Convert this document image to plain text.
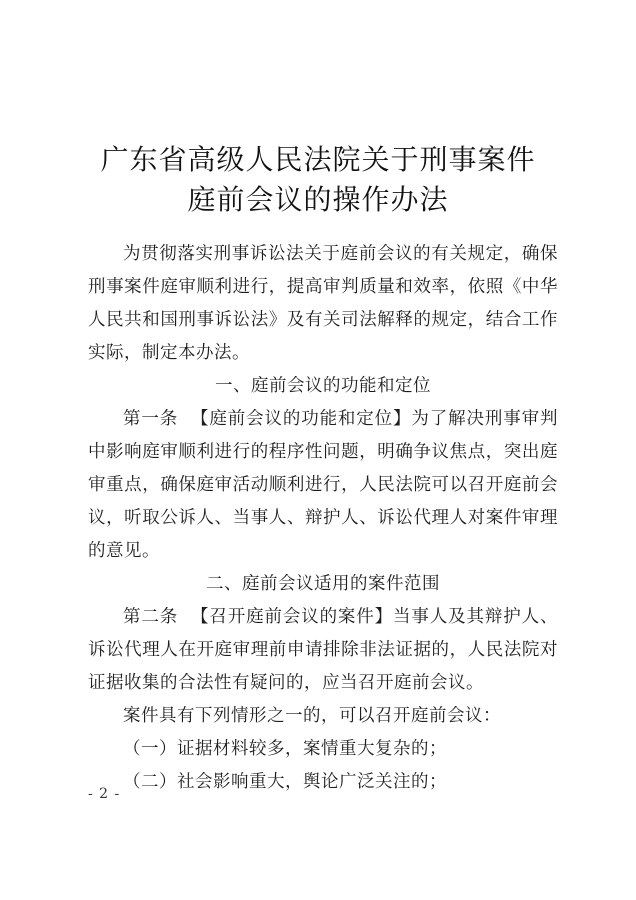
广东省高级人民法院关于刑事案件
庭前会议的操作办法

为贯彻落实刑事诉讼法关于庭前会议的有关规定，确保刑事案件庭审顺利进行，提高审判质量和效率，依照《中华人民共和国刑事诉讼法》及有关司法解释的规定，结合工作实际，制定本办法。

一、庭前会议的功能和定位

第一条 【庭前会议的功能和定位】为了解决刑事审判中影响庭审顺利进行的程序性问题，明确争议焦点，突出庭审重点，确保庭审活动顺利进行，人民法院可以召开庭前会议，听取公诉人、当事人、辩护人、诉讼代理人对案件审理的意见。

二、庭前会议适用的案件范围

第二条 【召开庭前会议的案件】当事人及其辩护人、诉讼代理人在开庭审理前申请排除非法证据的，人民法院对证据收集的合法性有疑问的，应当召开庭前会议。

案件具有下列情形之一的，可以召开庭前会议：

（一）证据材料较多，案情重大复杂的；

（二）社会影响重大，舆论广泛关注的；

- 2 -
